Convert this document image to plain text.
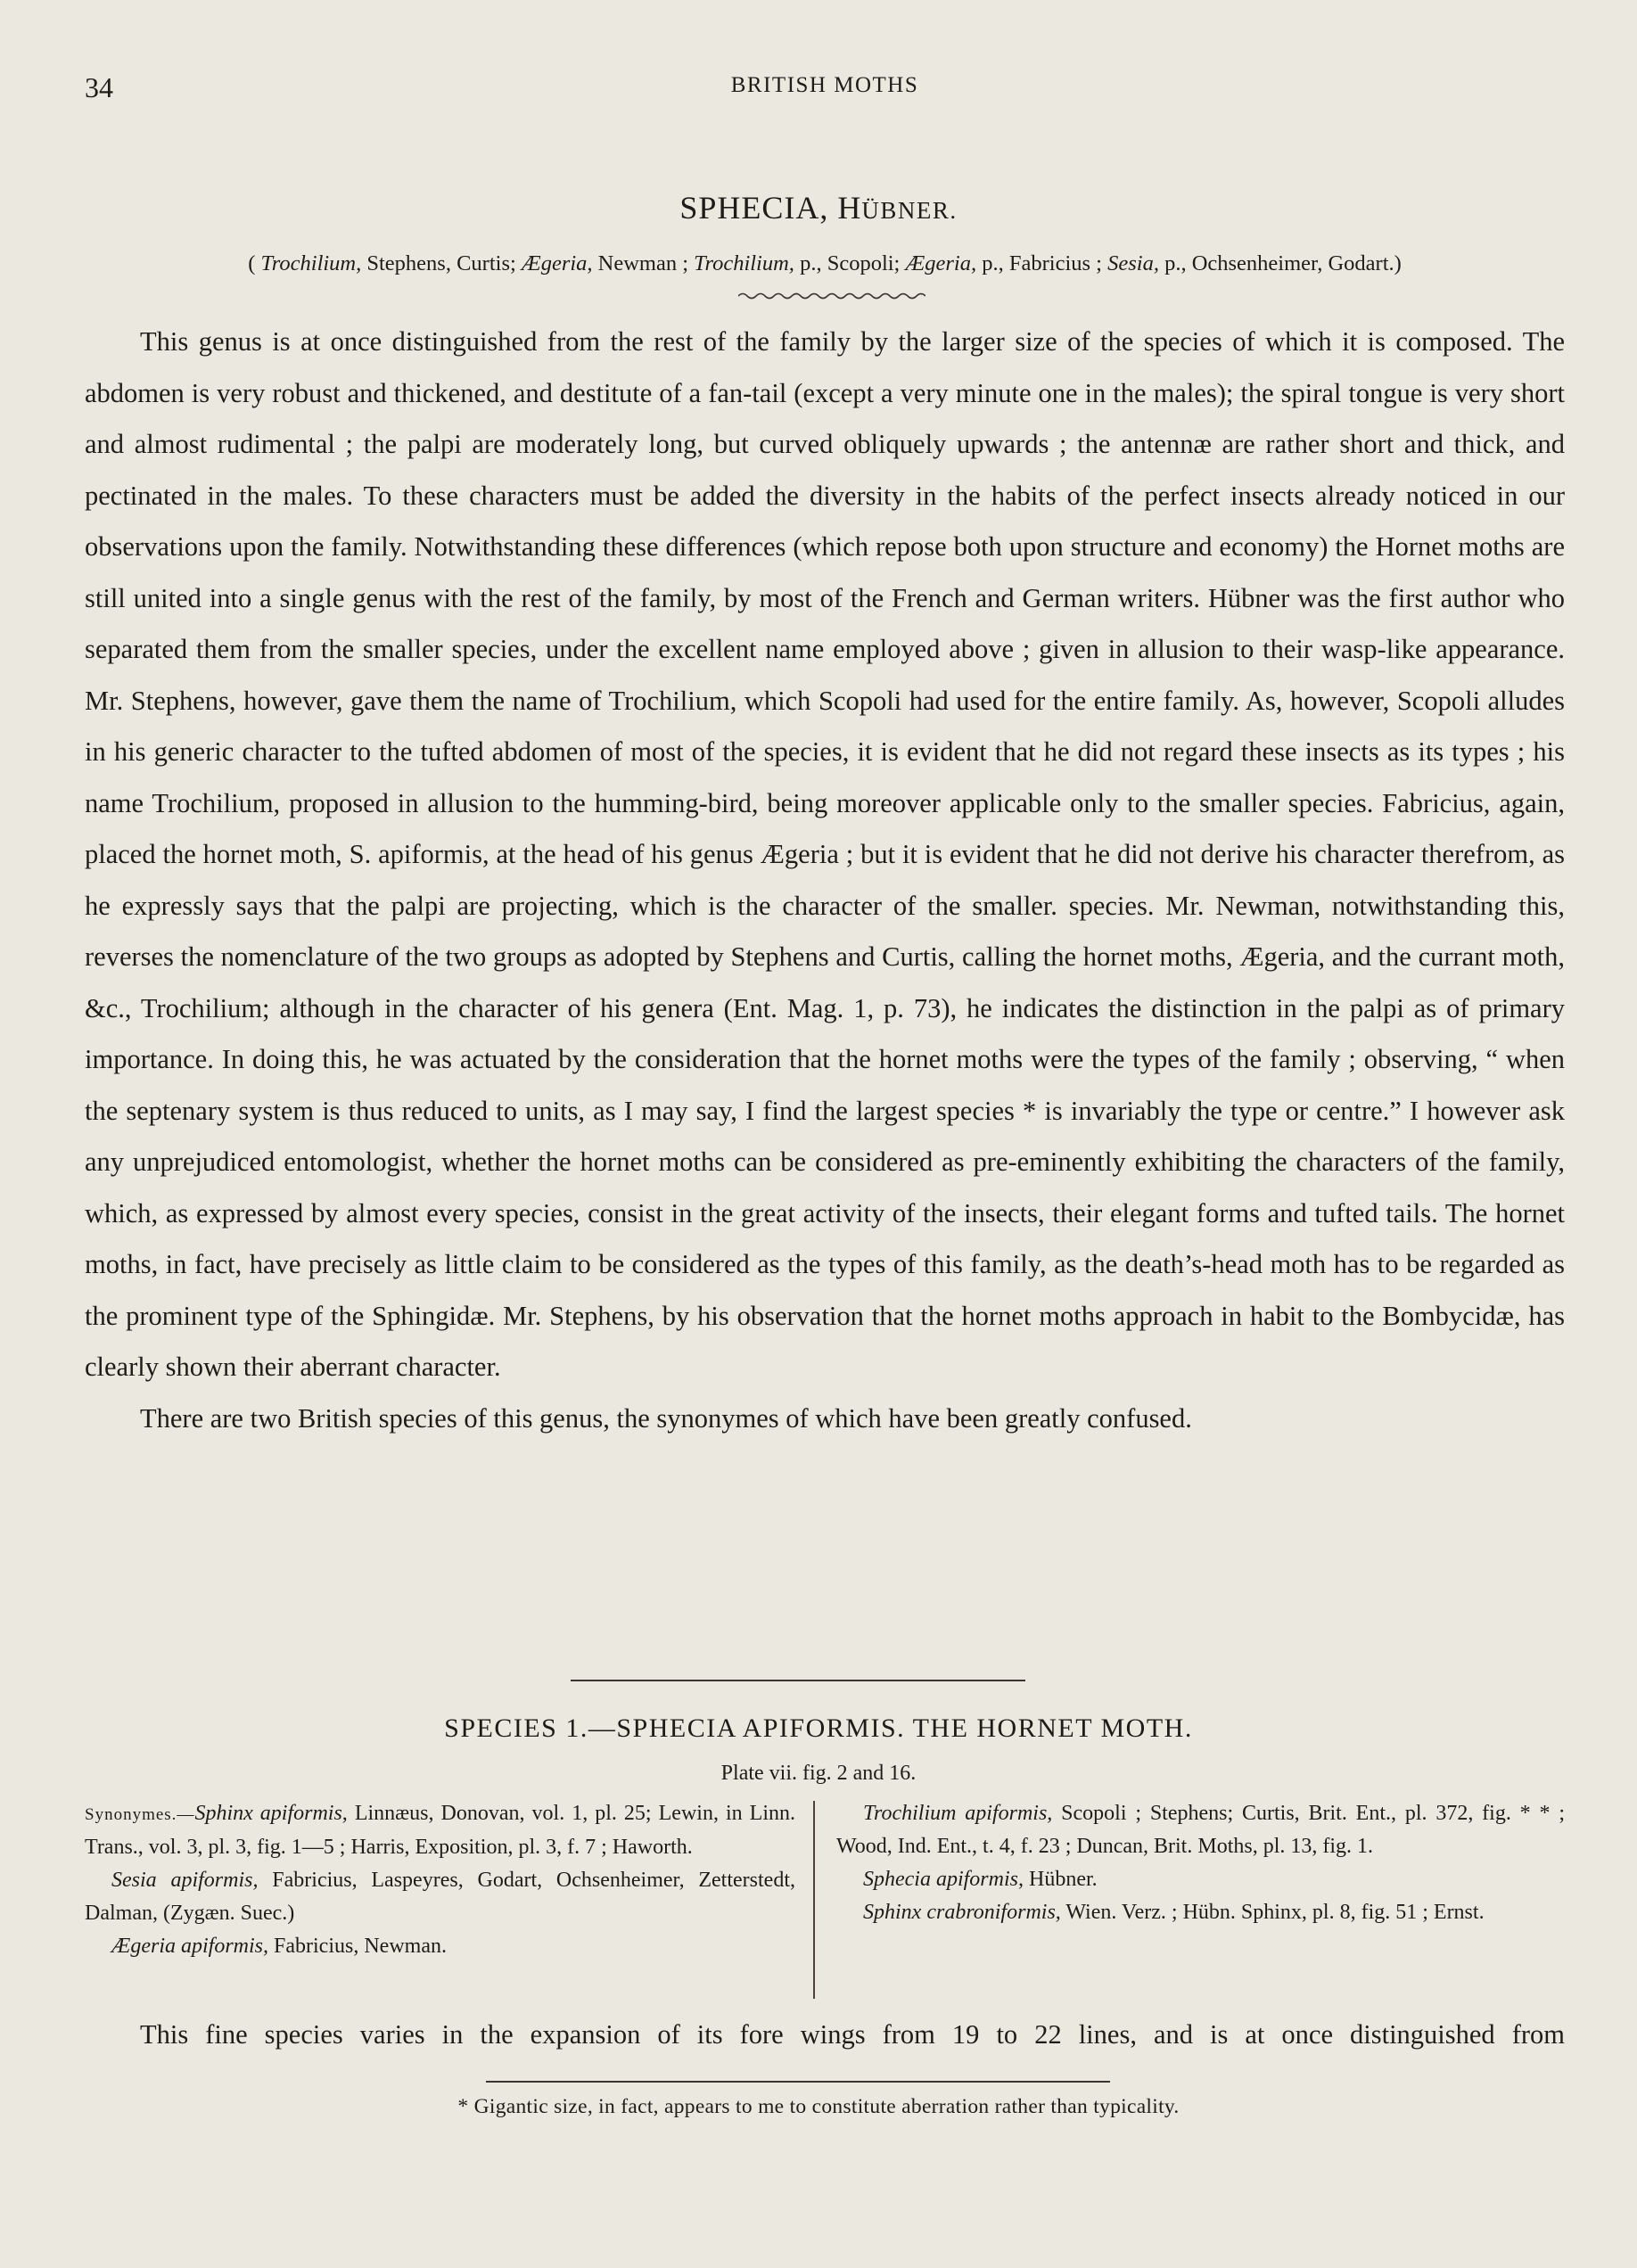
34	BRITISH MOTHS
SPHECIA, HÜBNER.
( Trochilium, Stephens, Curtis; Ægeria, Newman ; Trochilium, p., Scopoli; Ægeria, p., Fabricius ; Sesia, p., Ochsenheimer, Godart.)

This genus is at once distinguished from the rest of the family by the larger size of the species of which it is composed. The abdomen is very robust and thickened, and destitute of a fan-tail (except a very minute one in the males); the spiral tongue is very short and almost rudimental ; the palpi are moderately long, but curved obliquely upwards ; the antennæ are rather short and thick, and pectinated in the males. To these characters must be added the diversity in the habits of the perfect insects already noticed in our observations upon the family. Notwithstanding these differences (which repose both upon structure and economy) the Hornet moths are still united into a single genus with the rest of the family, by most of the French and German writers. Hübner was the first author who separated them from the smaller species, under the excellent name employed above ; given in allusion to their wasp-like appearance. Mr. Stephens, however, gave them the name of Trochilium, which Scopoli had used for the entire family. As, however, Scopoli alludes in his generic character to the tufted abdomen of most of the species, it is evident that he did not regard these insects as its types ; his name Trochilium, proposed in allusion to the humming-bird, being moreover applicable only to the smaller species. Fabricius, again, placed the hornet moth, S. apiformis, at the head of his genus Ægeria ; but it is evident that he did not derive his character therefrom, as he expressly says that the palpi are projecting, which is the character of the smaller. species. Mr. Newman, notwithstanding this, reverses the nomenclature of the two groups as adopted by Stephens and Curtis, calling the hornet moths, Ægeria, and the currant moth, &c., Trochilium; although in the character of his genera (Ent. Mag. 1, p. 73), he indicates the distinction in the palpi as of primary importance. In doing this, he was actuated by the consideration that the hornet moths were the types of the family ; observing, “ when the septenary system is thus reduced to units, as I may say, I find the largest species * is invariably the type or centre.” I however ask any unprejudiced entomologist, whether the hornet moths can be considered as pre-eminently exhibiting the characters of the family, which, as expressed by almost every species, consist in the great activity of the insects, their elegant forms and tufted tails. The hornet moths, in fact, have precisely as little claim to be considered as the types of this family, as the death’s-head moth has to be regarded as the prominent type of the Sphingidæ. Mr. Stephens, by his observation that the hornet moths approach in habit to the Bombycidæ, has clearly shown their aberrant character.

There are two British species of this genus, the synonymes of which have been greatly confused.

SPECIES 1.—SPHECIA APIFORMIS. THE HORNET MOTH.
Plate vii. fig. 2 and 16.

Synonymes.—Sphinx apiformis, Linnæus, Donovan, vol. 1, pl. 25; Lewin, in Linn. Trans., vol. 3, pl. 3, fig. 1—5 ; Harris, Exposition, pl. 3, f. 7 ; Haworth.

Sesia apiformis, Fabricius, Laspeyres, Godart, Ochsenheimer, Zetterstedt, Dalman, (Zygæn. Suec.)

Ægeria apiformis, Fabricius, Newman.

Trochilium apiformis, Scopoli ; Stephens; Curtis, Brit. Ent., pl. 372, fig. * * ; Wood, Ind. Ent., t. 4, f. 23 ; Duncan, Brit. Moths, pl. 13, fig. 1.

Sphecia apiformis, Hübner.

Sphinx crabroniformis, Wien. Verz. ; Hübn. Sphinx, pl. 8, fig. 51 ; Ernst.

This fine species varies in the expansion of its fore wings from 19 to 22 lines, and is at once distinguished from
* Gigantic size, in fact, appears to me to constitute aberration rather than typicality.
